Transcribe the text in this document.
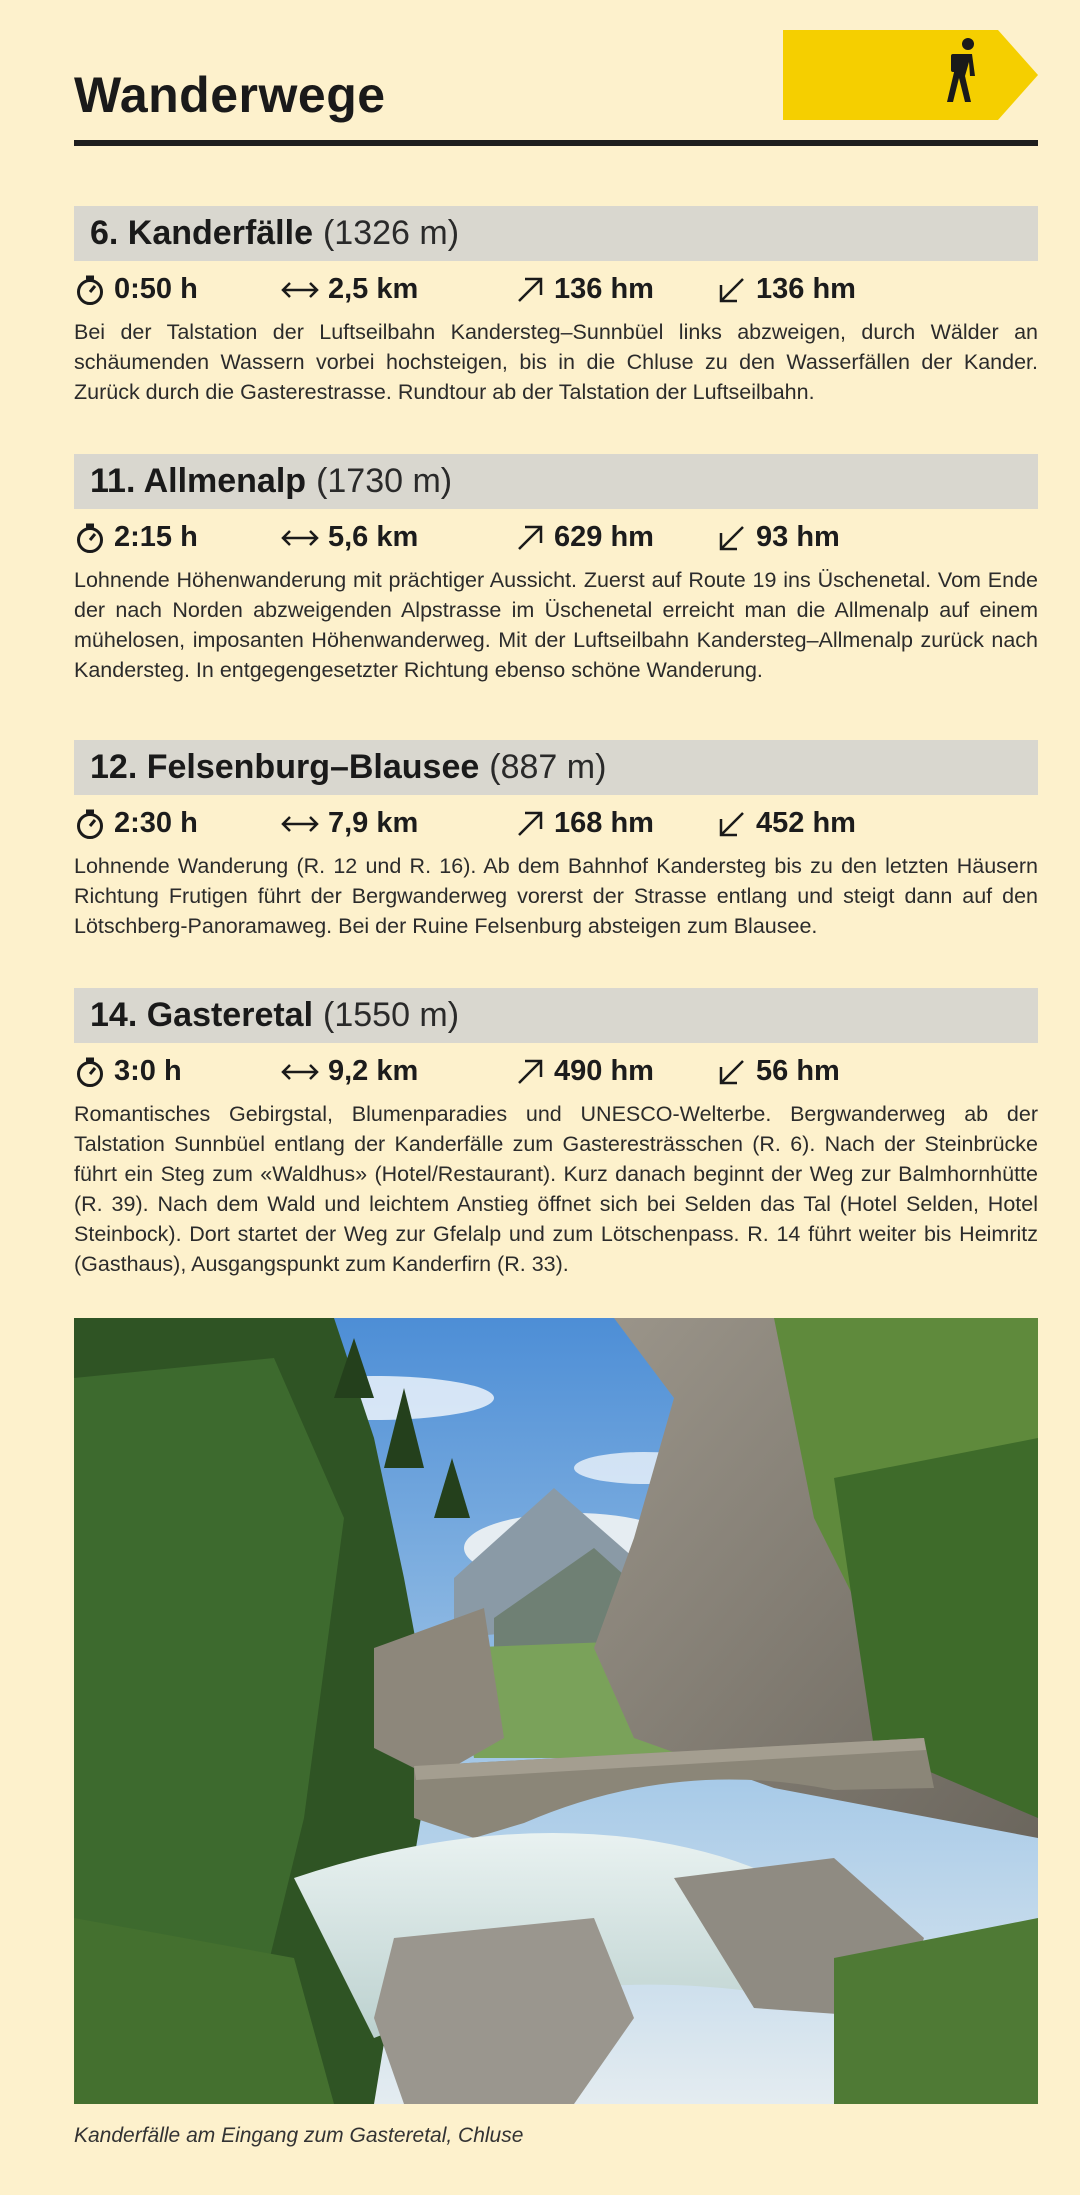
Wanderwege
6. Kanderfälle (1326 m)
0:50 h	2,5 km	136 hm	136 hm

Bei der Talstation der Luftseilbahn Kandersteg–Sunnbüel links abzweigen, durch Wälder an schäumenden Wassern vorbei hochsteigen, bis in die Chluse zu den Wasserfällen der Kander. Zurück durch die Gasterestrasse. Rundtour ab der Talstation der Luftseilbahn.

11. Allmenalp (1730 m)
2:15 h	5,6 km	629 hm	93 hm

Lohnende Höhenwanderung mit prächtiger Aussicht. Zuerst auf Route 19 ins Üschenetal. Vom Ende der nach Norden abzweigenden Alpstrasse im Üschenetal erreicht man die Allmenalp auf einem mühelosen, imposanten Höhenwanderweg. Mit der Luftseilbahn Kandersteg–Allmenalp zurück nach Kandersteg. In entgegengesetzter Richtung ebenso schöne Wanderung.

12. Felsenburg–Blausee (887 m)
2:30 h	7,9 km	168 hm	452 hm

Lohnende Wanderung (R. 12 und R. 16). Ab dem Bahnhof Kandersteg bis zu den letzten Häusern Richtung Frutigen führt der Bergwanderweg vorerst der Strasse entlang und steigt dann auf den Lötschberg-Panoramaweg. Bei der Ruine Felsenburg absteigen zum Blausee.

14. Gasteretal (1550 m)
3:0 h	9,2 km	490 hm	56 hm

Romantisches Gebirgstal, Blumenparadies und UNESCO-Welterbe. Bergwanderweg ab der Talstation Sunnbüel entlang der Kanderfälle zum Gasteresträsschen (R. 6). Nach der Steinbrücke führt ein Steg zum «Waldhus» (Hotel/Restaurant). Kurz danach beginnt der Weg zur Balmhornhütte (R. 39). Nach dem Wald und leichtem Anstieg öffnet sich bei Selden das Tal (Hotel Selden, Hotel Steinbock). Dort startet der Weg zur Gfelalp und zum Lötschenpass. R. 14 führt weiter bis Heimritz (Gasthaus), Ausgangspunkt zum Kanderfirn (R. 33).

Kanderfälle am Eingang zum Gasteretal, Chluse
